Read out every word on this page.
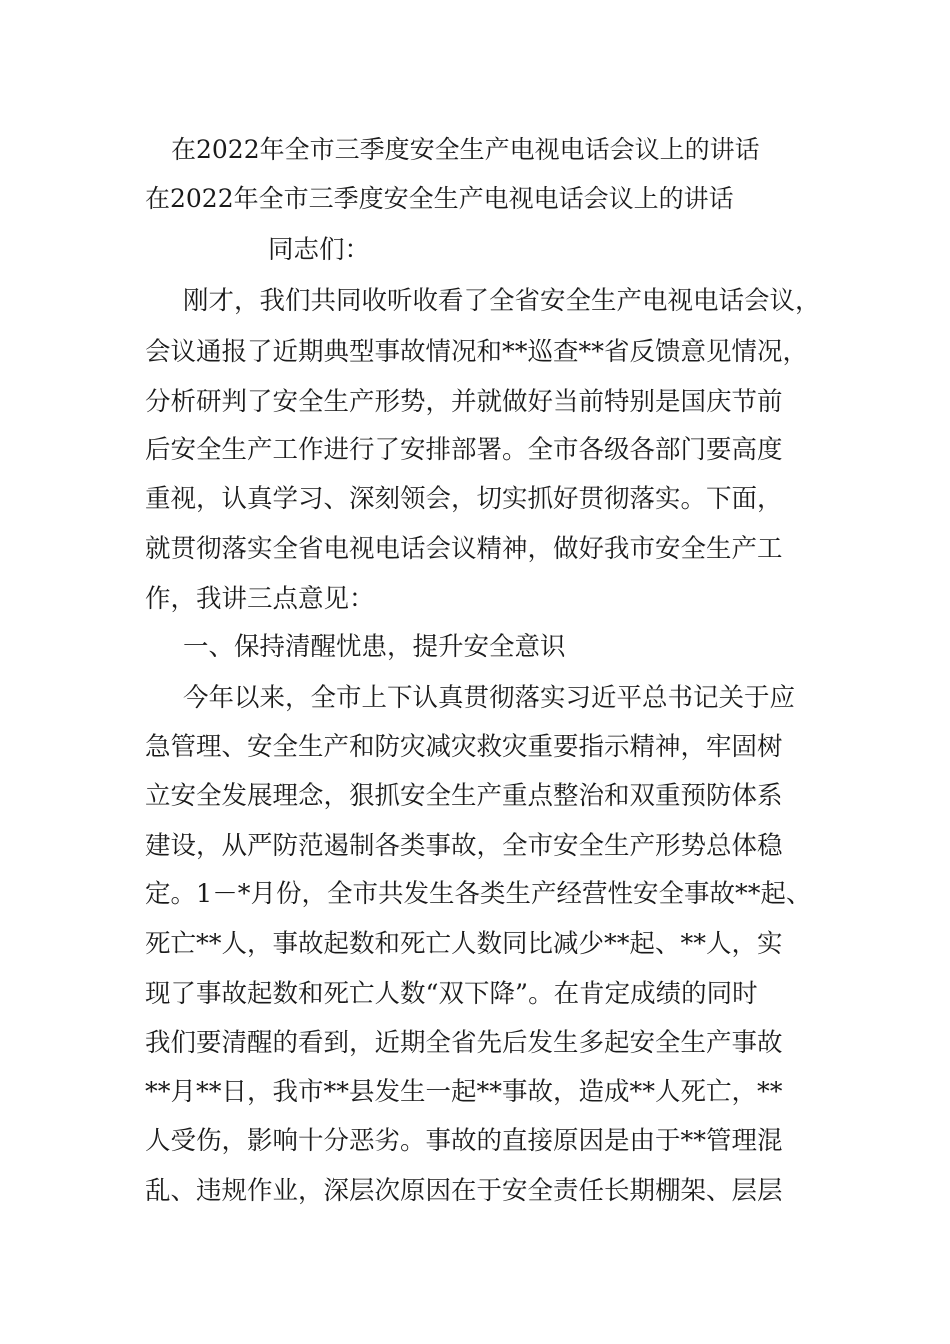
在2022年全市三季度安全生产电视电话会议上的讲话
在2022年全市三季度安全生产电视电话会议上的讲话

同志们：

刚才，我们共同收听收看了全省安全生产电视电话会议，

会议通报了近期典型事故情况和**巡查**省反馈意见情况，

分析研判了安全生产形势，并就做好当前特别是国庆节前

后安全生产工作进行了安排部署。全市各级各部门要高度

重视，认真学习、深刻领会，切实抓好贯彻落实。下面，

就贯彻落实全省电视电话会议精神，做好我市安全生产工

作，我讲三点意见：

一、保持清醒忧患，提升安全意识

今年以来，全市上下认真贯彻落实习近平总书记关于应

急管理、安全生产和防灾减灾救灾重要指示精神，牢固树

立安全发展理念，狠抓安全生产重点整治和双重预防体系

建设，从严防范遏制各类事故，全市安全生产形势总体稳

定。1－*月份，全市共发生各类生产经营性安全事故**起、

死亡**人，事故起数和死亡人数同比减少**起、**人，实

现了事故起数和死亡人数“双下降”。在肯定成绩的同时

我们要清醒的看到，近期全省先后发生多起安全生产事故

**月**日，我市**县发生一起**事故，造成**人死亡，**

人受伤，影响十分恶劣。事故的直接原因是由于**管理混

乱、违规作业，深层次原因在于安全责任长期棚架、层层
